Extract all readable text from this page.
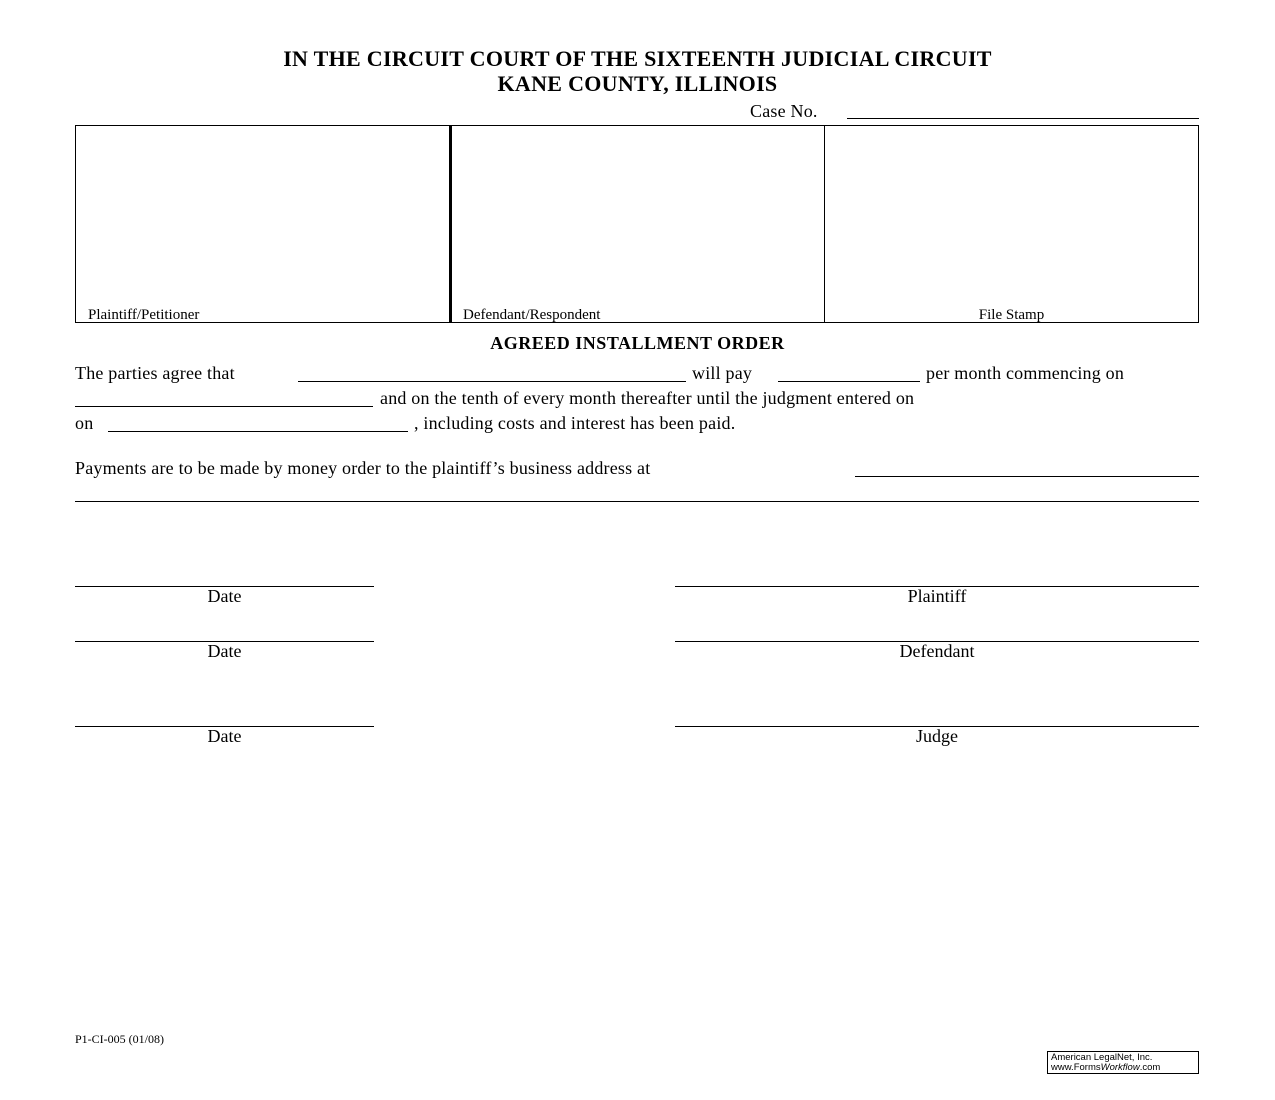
IN THE CIRCUIT COURT OF THE SIXTEENTH JUDICIAL CIRCUIT
KANE COUNTY, ILLINOIS
Case No.
Plaintiff/Petitioner	Defendant/Respondent	File Stamp
AGREED INSTALLMENT ORDER
The parties agree that	will pay	per month commencing on
and on the tenth of every month thereafter until the judgment entered on
on	, including costs and interest has been paid.
Payments are to be made by money order to the plaintiff’s business address at
Date	Plaintiff
Date	Defendant
Date	Judge
P1-CI-005 (01/08)
American LegalNet, Inc.
www.FormsWorkflow.com
